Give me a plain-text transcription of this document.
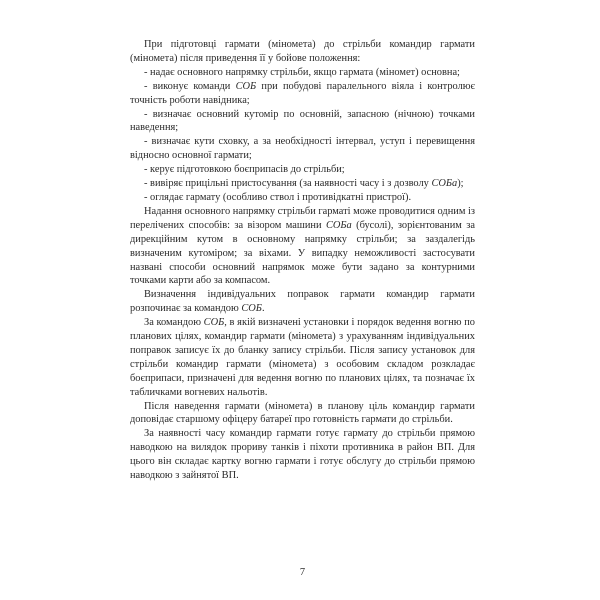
При підготовці гармати (міномета) до стрільби командир гармати (міномета) після приведення її у бойове положення:

- надає основного напрямку стрільби, якщо гармата (міномет) основна;

- виконує команди СОБ при побудові паралельного віяла і контролює точність роботи навідника;

- визначає основний кутомір по основній, запасною (нічною) точками наведення;

- визначає кути сховку, а за необхідності інтервал, уступ і перевищення відносно основної гармати;

- керує підготовкою боєприпасів до стрільби;

- вивіряє прицільні пристосування (за наявності часу і з дозволу СОБа);

- оглядає гармату (особливо ствол і противідкатні пристрої).

Надання основного напрямку стрільби гарматі може проводитися одним із перелічених способів: за візором машини СОБа (бусолі), зорієнтованим за дирекційним кутом в основному напрямку стрільби; за заздалегідь визначеним кутоміром; за віхами. У випадку неможливості застосувати названі способи основний напрямок може бути задано за контурними точками карти або за компасом.

Визначення індивідуальних поправок гармати командир гармати розпочинає за командою СОБ.

За командою СОБ, в якій визначені установки і порядок ведення вогню по планових цілях, командир гармати (міномета) з урахуванням індивідуальних поправок записує їх до бланку запису стрільби. Після запису установок для стрільби командир гармати (міномета) з особовим складом розкладає боєприпаси, призначені для ведення вогню по планових цілях, та позначає їх табличками вогневих нальотів.

Після наведення гармати (міномета) в планову ціль командир гармати доповідає старшому офіцеру батареї про готовність гармати до стрільби.

За наявності часу командир гармати готує гармату до стрільби прямою наводкою на вилядок прориву танків і піхоти противника в район ВП. Для цього він складає картку вогню гармати і готує обслугу до стрільби прямою наводкою з зайнятої ВП.

7
